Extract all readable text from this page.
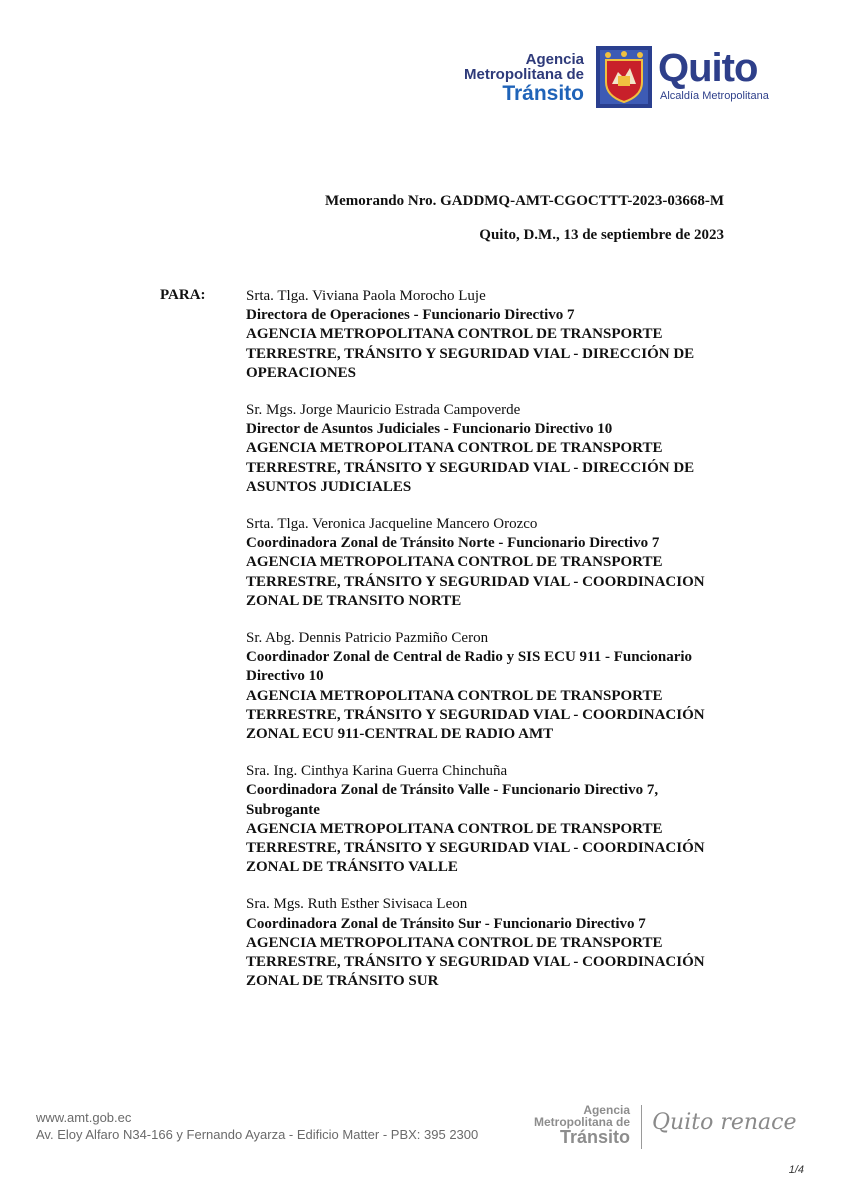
Agencia
Metropolitana de
Tránsito
Quito
Alcaldía Metropolitana
Memorando Nro. GADDMQ-AMT-CGOCTTT-2023-03668-M
Quito, D.M., 13 de septiembre de 2023
PARA:	Srta. Tlga. Viviana Paola Morocho Luje
Directora de Operaciones - Funcionario Directivo 7
AGENCIA METROPOLITANA CONTROL DE TRANSPORTE TERRESTRE, TRÁNSITO Y SEGURIDAD VIAL - DIRECCIÓN DE OPERACIONES
Sr. Mgs. Jorge Mauricio Estrada Campoverde
Director de Asuntos Judiciales - Funcionario Directivo 10
AGENCIA METROPOLITANA CONTROL DE TRANSPORTE TERRESTRE, TRÁNSITO Y SEGURIDAD VIAL - DIRECCIÓN DE ASUNTOS JUDICIALES
Srta. Tlga. Veronica Jacqueline Mancero Orozco
Coordinadora Zonal de Tránsito Norte - Funcionario Directivo 7
AGENCIA METROPOLITANA CONTROL DE TRANSPORTE TERRESTRE, TRÁNSITO Y SEGURIDAD VIAL - COORDINACION ZONAL DE TRANSITO NORTE
Sr. Abg. Dennis Patricio Pazmiño Ceron
Coordinador Zonal de Central de Radio y SIS ECU 911 - Funcionario Directivo 10
AGENCIA METROPOLITANA CONTROL DE TRANSPORTE TERRESTRE, TRÁNSITO Y SEGURIDAD VIAL - COORDINACIÓN ZONAL ECU 911-CENTRAL DE RADIO AMT
Sra. Ing. Cinthya Karina Guerra Chinchuña
Coordinadora Zonal de Tránsito Valle - Funcionario Directivo 7, Subrogante
AGENCIA METROPOLITANA CONTROL DE TRANSPORTE TERRESTRE, TRÁNSITO Y SEGURIDAD VIAL - COORDINACIÓN ZONAL DE TRÁNSITO VALLE
Sra. Mgs. Ruth Esther Sivisaca Leon
Coordinadora Zonal de Tránsito Sur - Funcionario Directivo 7
AGENCIA METROPOLITANA CONTROL DE TRANSPORTE TERRESTRE, TRÁNSITO Y SEGURIDAD VIAL - COORDINACIÓN ZONAL DE TRÁNSITO SUR
www.amt.gob.ec
Av. Eloy Alfaro N34-166 y Fernando Ayarza - Edificio Matter - PBX: 395 2300
Agencia
Metropolitana de
Tránsito
Quito renace
1/4
